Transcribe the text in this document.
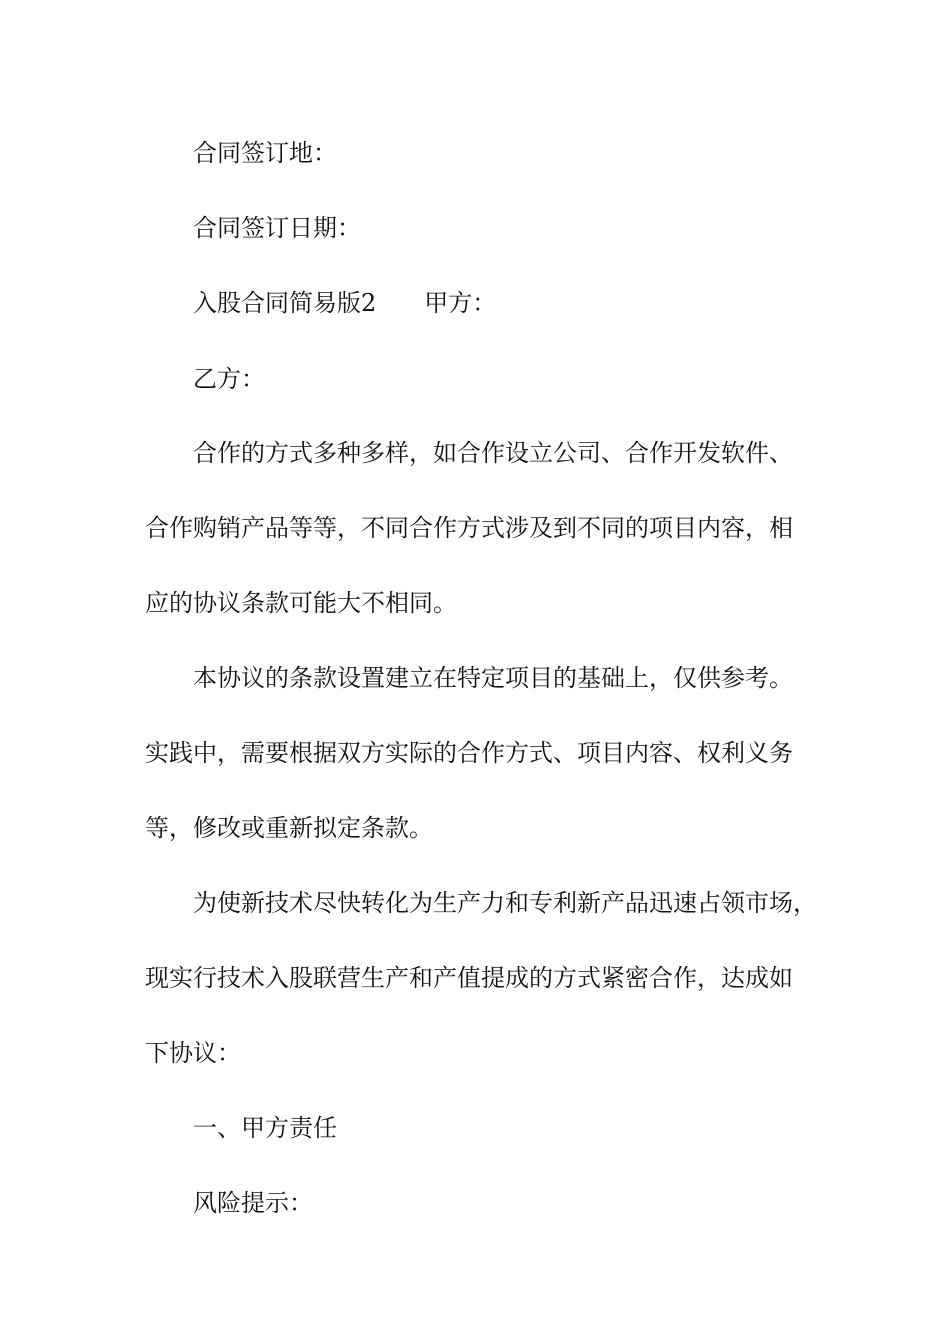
合同签订地：
合同签订日期：
入股合同简易版2 甲方：
乙方：
合作的方式多种多样，如合作设立公司、合作开发软件、
合作购销产品等等，不同合作方式涉及到不同的项目内容，相
应的协议条款可能大不相同。
本协议的条款设置建立在特定项目的基础上，仅供参考。
实践中，需要根据双方实际的合作方式、项目内容、权利义务
等，修改或重新拟定条款。
为使新技术尽快转化为生产力和专利新产品迅速占领市场，
现实行技术入股联营生产和产值提成的方式紧密合作，达成如
下协议：
一、甲方责任
风险提示：
